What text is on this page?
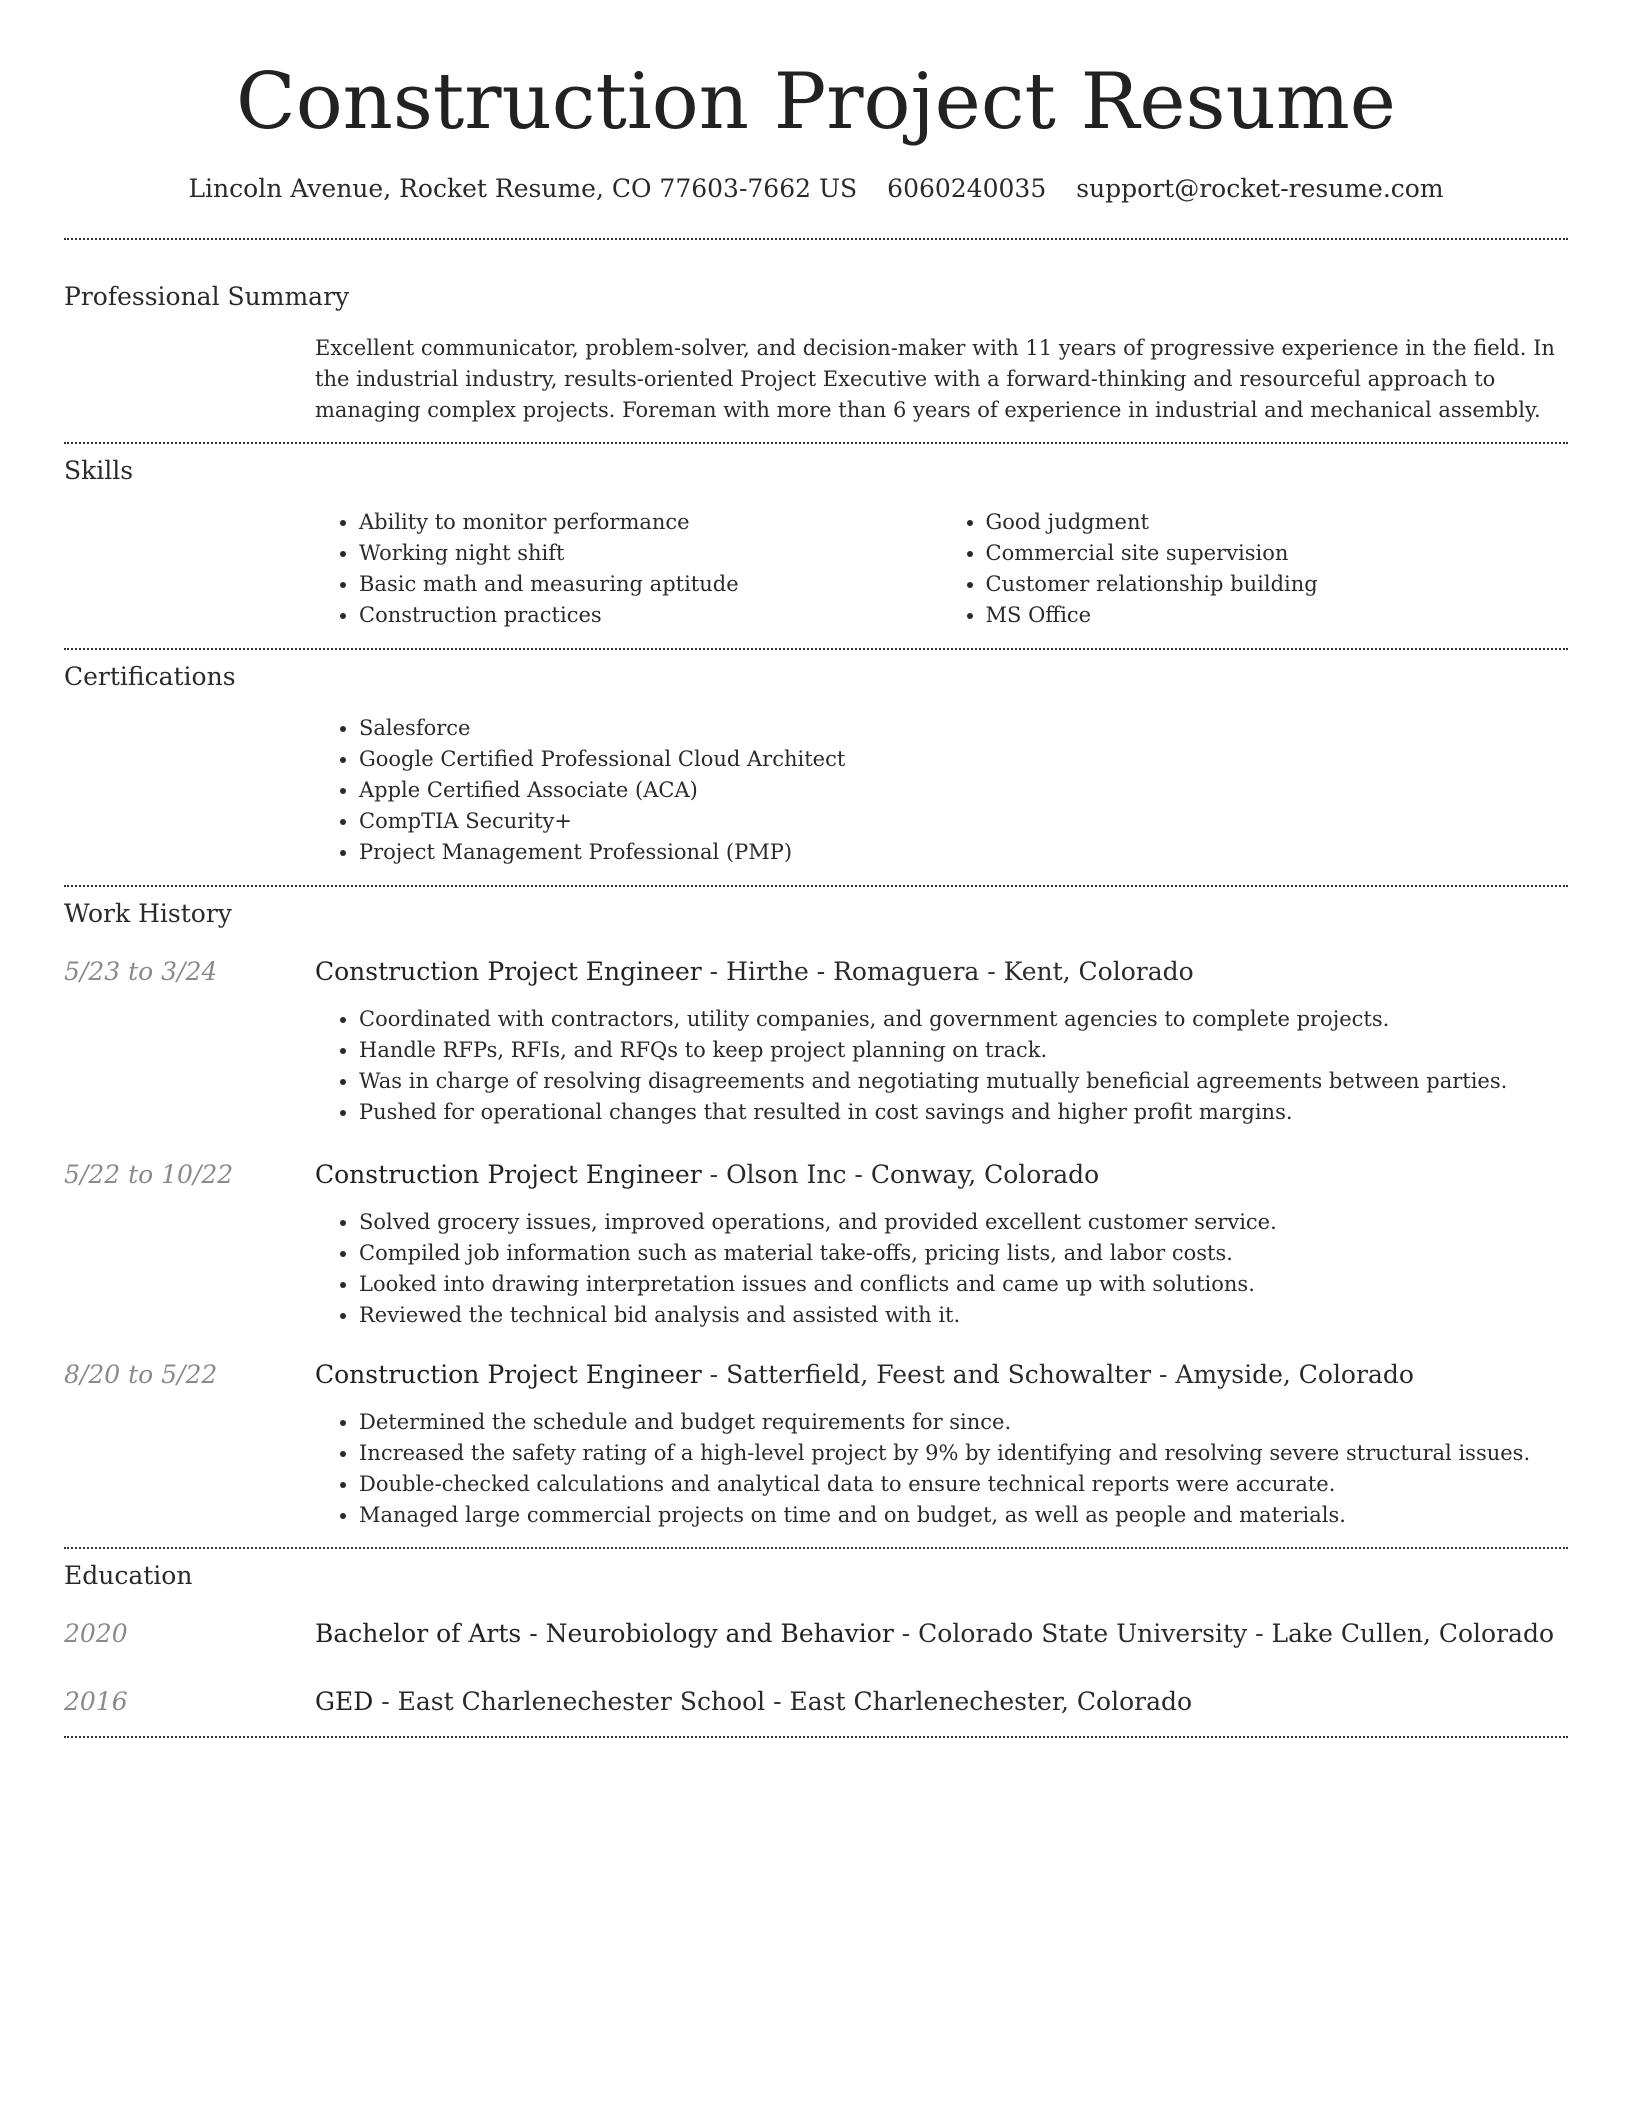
Construction Project Resume
Lincoln Avenue, Rocket Resume, CO 77603-7662 US 6060240035 support@rocket-resume.com
Professional Summary

Excellent communicator, problem-solver, and decision-maker with 11 years of progressive experience in the field. In the industrial industry, results-oriented Project Executive with a forward-thinking and resourceful approach to managing complex projects. Foreman with more than 6 years of experience in industrial and mechanical assembly.

Skills
• Ability to monitor performance
• Working night shift
• Basic math and measuring aptitude
• Construction practices
• Good judgment
• Commercial site supervision
• Customer relationship building
• MS Office
Certifications
• Salesforce
• Google Certified Professional Cloud Architect
• Apple Certified Associate (ACA)
• CompTIA Security+
• Project Management Professional (PMP)
Work History
5/23 to 3/24	Construction Project Engineer - Hirthe - Romaguera - Kent, Colorado
• Coordinated with contractors, utility companies, and government agencies to complete projects.
• Handle RFPs, RFIs, and RFQs to keep project planning on track.
• Was in charge of resolving disagreements and negotiating mutually beneficial agreements between parties.
• Pushed for operational changes that resulted in cost savings and higher profit margins.
5/22 to 10/22	Construction Project Engineer - Olson Inc - Conway, Colorado
• Solved grocery issues, improved operations, and provided excellent customer service.
• Compiled job information such as material take-offs, pricing lists, and labor costs.
• Looked into drawing interpretation issues and conflicts and came up with solutions.
• Reviewed the technical bid analysis and assisted with it.
8/20 to 5/22	Construction Project Engineer - Satterfield, Feest and Schowalter - Amyside, Colorado
• Determined the schedule and budget requirements for since.
• Increased the safety rating of a high-level project by 9% by identifying and resolving severe structural issues.
• Double-checked calculations and analytical data to ensure technical reports were accurate.
• Managed large commercial projects on time and on budget, as well as people and materials.
Education
2020	Bachelor of Arts - Neurobiology and Behavior - Colorado State University - Lake Cullen, Colorado
2016	GED - East Charlenechester School - East Charlenechester, Colorado
